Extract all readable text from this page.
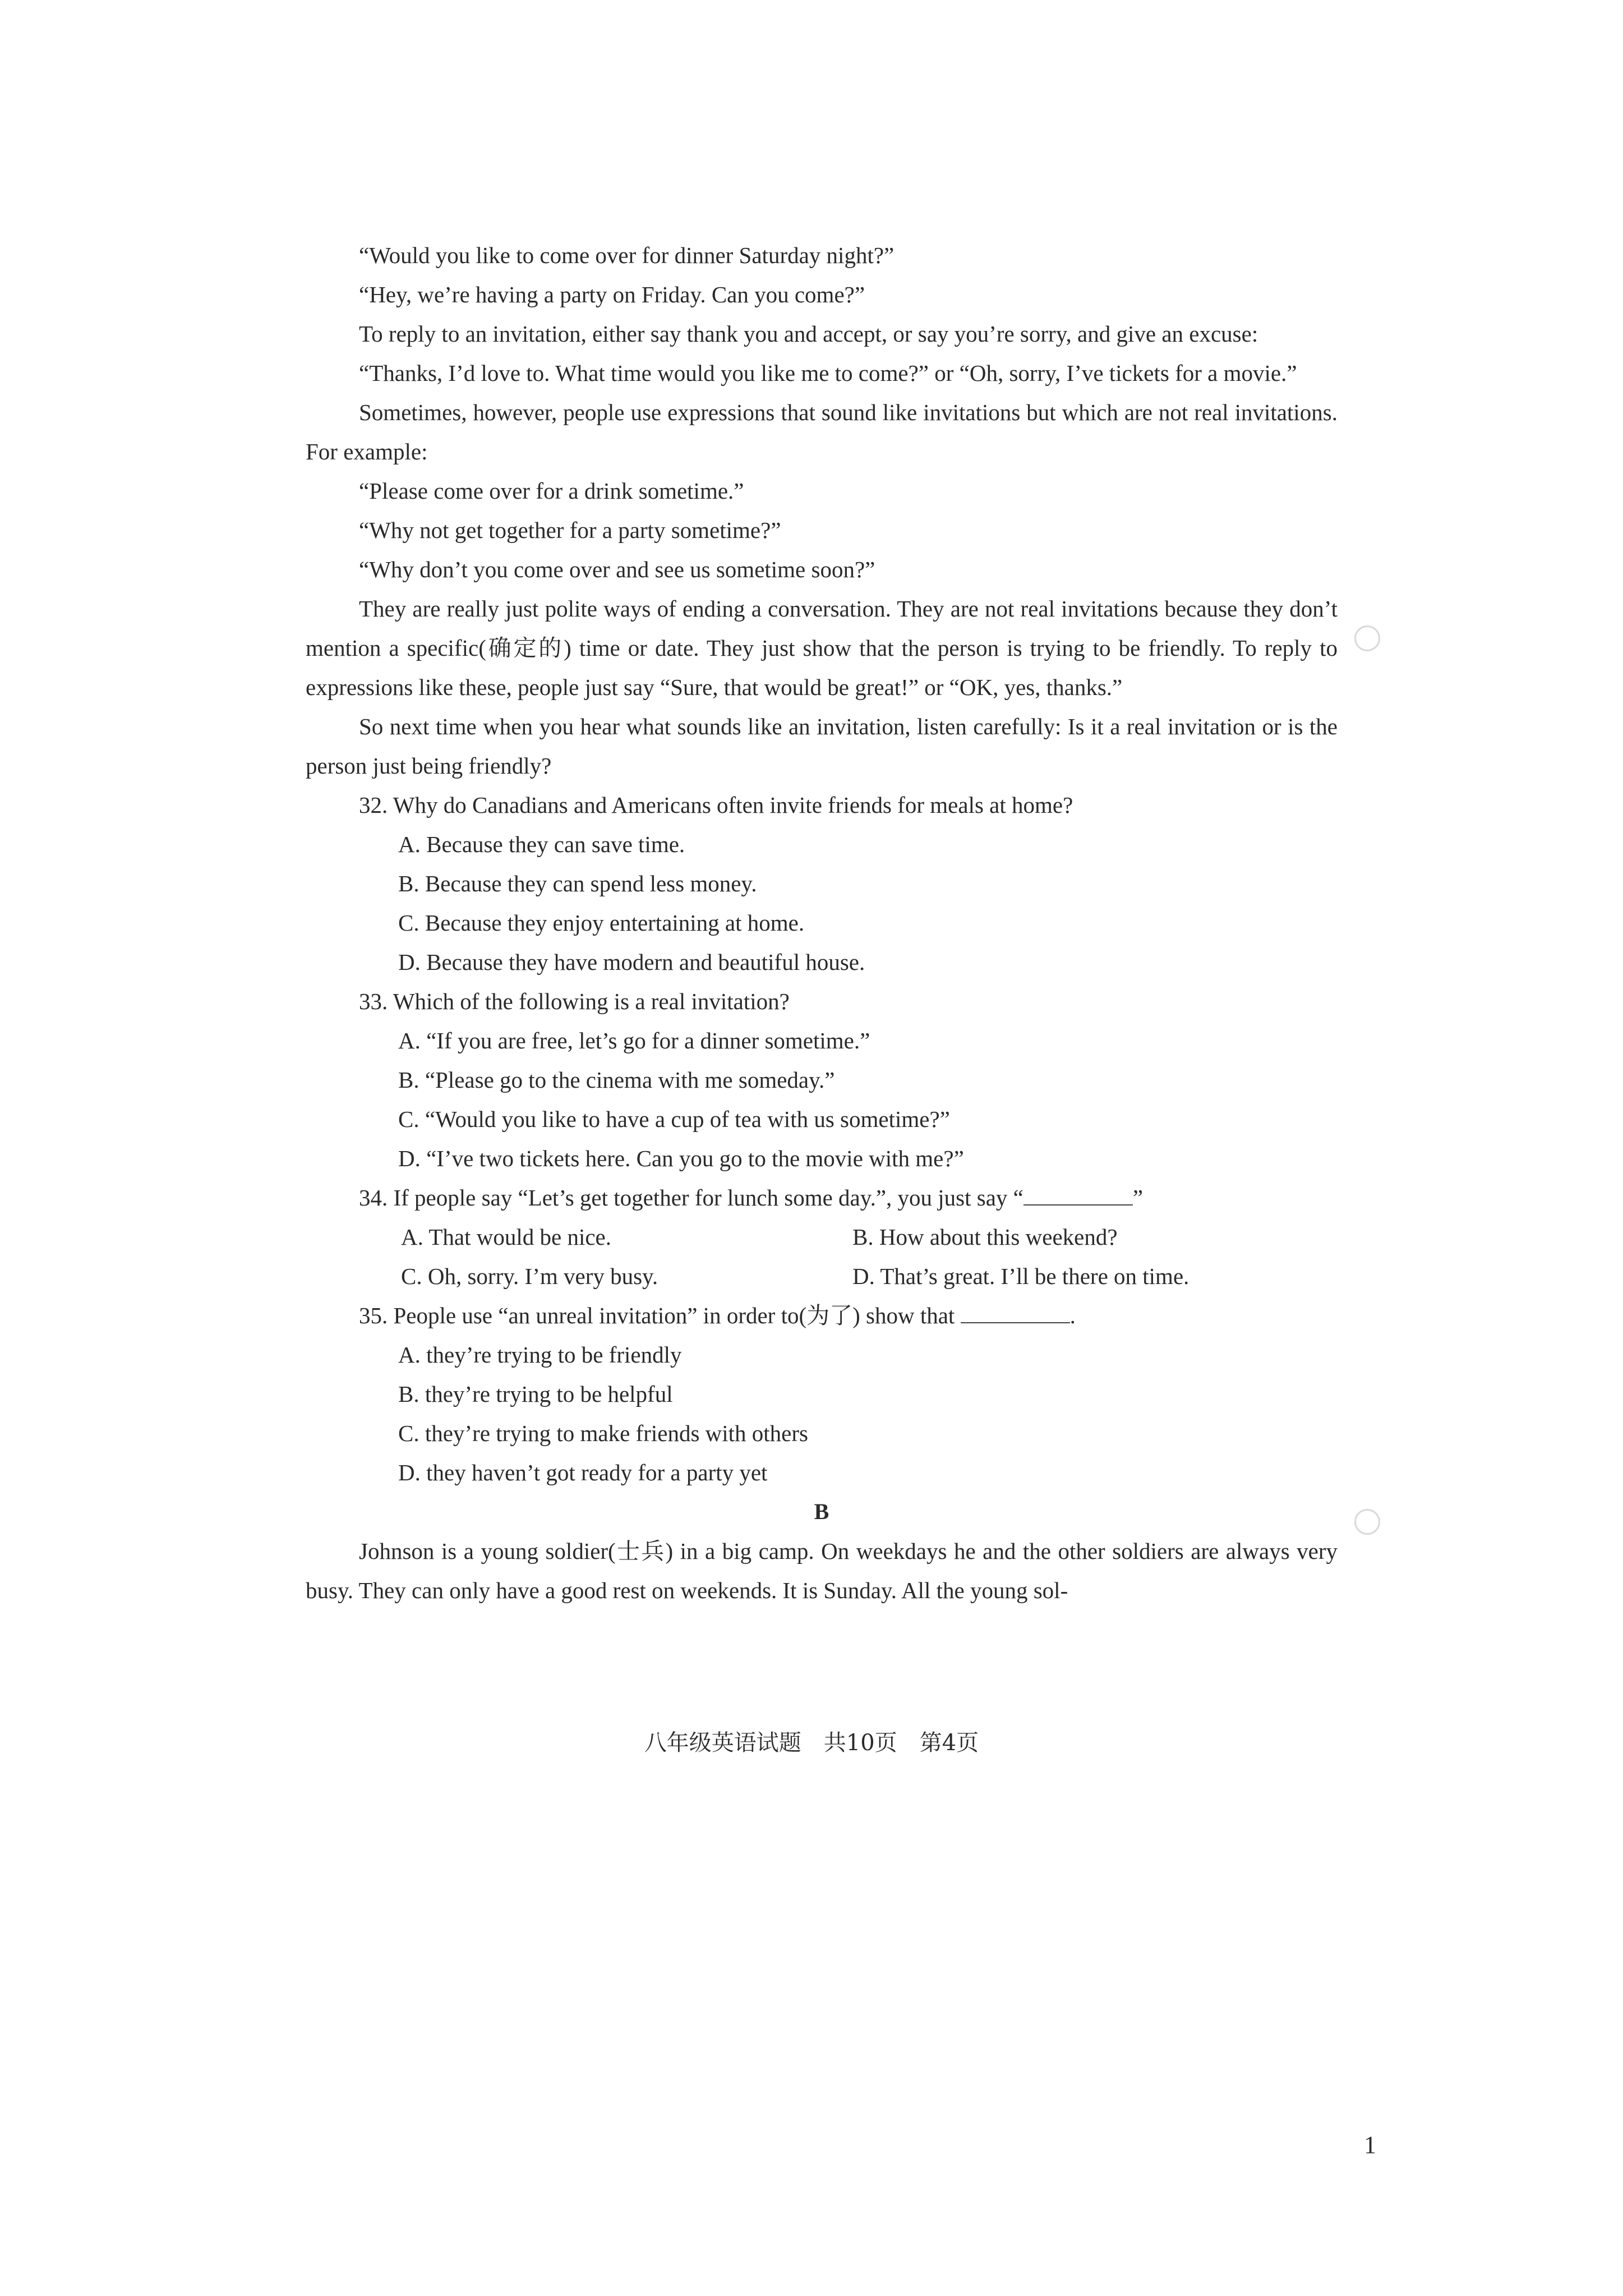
“Would you like to come over for dinner Saturday night?”
“Hey, we’re having a party on Friday. Can you come?”
To reply to an invitation, either say thank you and accept, or say you’re sorry, and give an excuse:
“Thanks, I’d love to. What time would you like me to come?” or “Oh, sorry, I’ve tickets for a movie.”
Sometimes, however, people use expressions that sound like invitations but which are not real invitations. For example:
“Please come over for a drink sometime.”
“Why not get together for a party sometime?”
“Why don’t you come over and see us sometime soon?”
They are really just polite ways of ending a conversation. They are not real invitations because they don’t mention a specific(确定的) time or date. They just show that the person is trying to be friendly. To reply to expressions like these, people just say “Sure, that would be great!” or “OK, yes, thanks.”
So next time when you hear what sounds like an invitation, listen carefully: Is it a real invitation or is the person just being friendly?
32. Why do Canadians and Americans often invite friends for meals at home?
A. Because they can save time.
B. Because they can spend less money.
C. Because they enjoy entertaining at home.
D. Because they have modern and beautiful house.
33. Which of the following is a real invitation?
A. “If you are free, let’s go for a dinner sometime.”
B. “Please go to the cinema with me someday.”
C. “Would you like to have a cup of tea with us sometime?”
D. “I’ve two tickets here. Can you go to the movie with me?”
34. If people say “Let’s get together for lunch some day.”, you just say “	”
A. That would be nice.	B. How about this weekend?
C. Oh, sorry. I’m very busy.	D. That’s great. I’ll be there on time.
35. People use “an unreal invitation” in order to(为了) show that	.
A. they’re trying to be friendly
B. they’re trying to be helpful
C. they’re trying to make friends with others
D. they haven’t got ready for a party yet
B
Johnson is a young soldier(士兵) in a big camp. On weekdays he and the other soldiers are always very busy. They can only have a good rest on weekends. It is Sunday. All the young sol-
八年级英语试题　共10页　第4页
1
